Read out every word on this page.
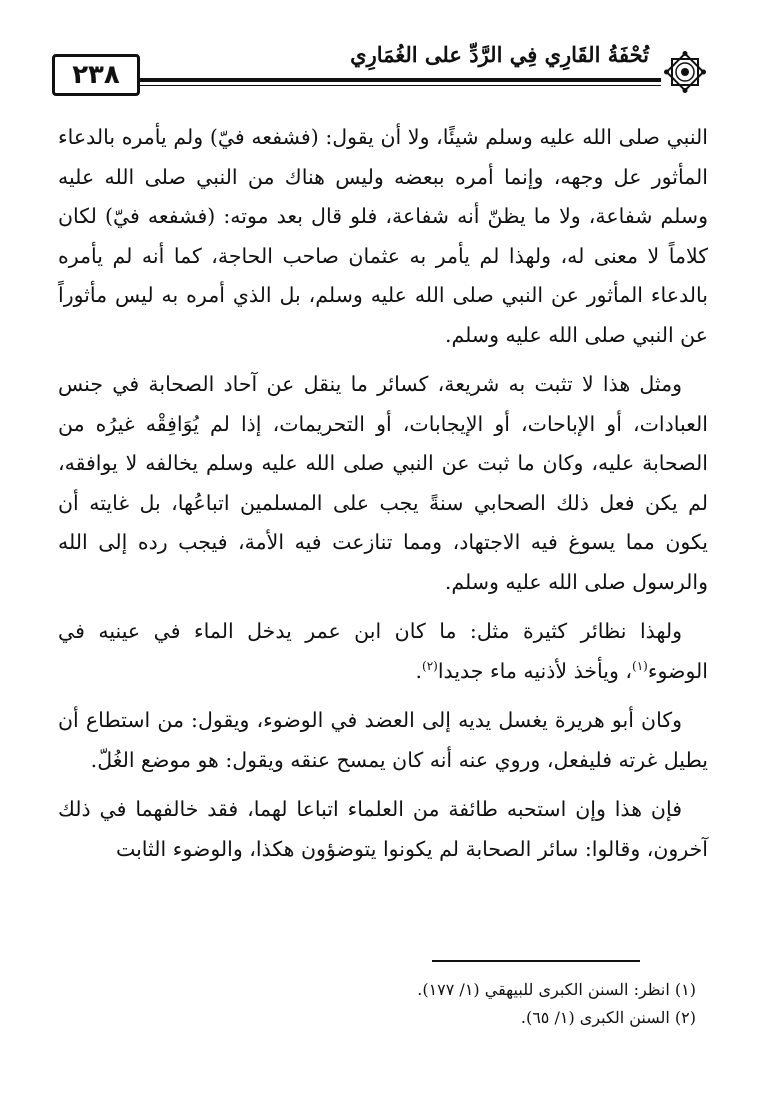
٢٣٨
تُحْفَةُ القَارِي فِي الرَّدِّ على الغُمَارِي

النبي صلى الله عليه وسلم شيئًا، ولا أن يقول: (فشفعه فيّ) ولم يأمره بالدعاء المأثور عل وجهه، وإنما أمره ببعضه وليس هناك من النبي صلى الله عليه وسلم شفاعة، ولا ما يظنّ أنه شفاعة، فلو قال بعد موته: (فشفعه فيّ) لكان كلاماً لا معنى له، ولهذا لم يأمر به عثمان صاحب الحاجة، كما أنه لم يأمره بالدعاء المأثور عن النبي صلى الله عليه وسلم، بل الذي أمره به ليس مأثوراً عن النبي صلى الله عليه وسلم.

ومثل هذا لا تثبت به شريعة، كسائر ما ينقل عن آحاد الصحابة في جنس العبادات، أو الإباحات، أو الإيجابات، أو التحريمات، إذا لم يُوَافِقْه غيرُه من الصحابة عليه، وكان ما ثبت عن النبي صلى الله عليه وسلم يخالفه لا يوافقه، لم يكن فعل ذلك الصحابي سنةً يجب على المسلمين اتباعُها، بل غايته أن يكون مما يسوغ فيه الاجتهاد، ومما تنازعت فيه الأمة، فيجب رده إلى الله والرسول صلى الله عليه وسلم.

ولهذا نظائر كثيرة مثل: ما كان ابن عمر يدخل الماء في عينيه في الوضوء$^{(١)}$، ويأخذ لأذنيه ماء جديدا$^{(٢)}$.

وكان أبو هريرة يغسل يديه إلى العضد في الوضوء، ويقول: من استطاع أن يطيل غرته فليفعل، وروي عنه أنه كان يمسح عنقه ويقول: هو موضع الغُلّ.

فإن هذا وإن استحبه طائفة من العلماء اتباعا لهما، فقد خالفهما في ذلك آخرون، وقالوا: سائر الصحابة لم يكونوا يتوضؤون هكذا، والوضوء الثابت

(١) انظر: السنن الكبرى للبيهقي (١/ ١٧٧).
(٢) السنن الكبرى (١/ ٦٥).
